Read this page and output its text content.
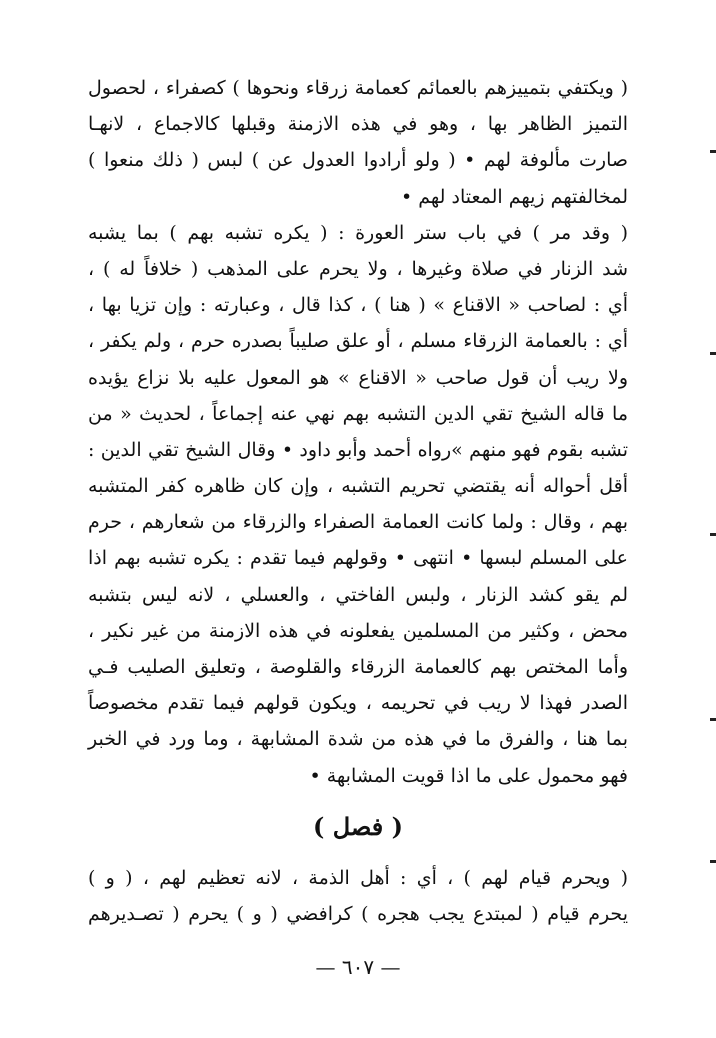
( ويكتفي بتمييزهم بالعمائم كعمامة زرقاء ونحوها ) كصفراء ، لحصول
التميز الظاهر بها ، وهو في هذه الازمنة وقبلها كالاجماع ، لانهـا
صارت مألوفة لهم • ( ولو أرادوا العدول عن ) لبس ( ذلك منعوا )
لمخالفتهم زيهم المعتاد لهم •
( وقد مر ) في باب ستر العورة : ( يكره تشبه بهم ) بما يشبه
شد الزنار في صلاة وغيرها ، ولا يحرم على المذهب ( خلافاً له ) ،
أي : لصاحب « الاقناع » ( هنا ) ، كذا قال ، وعبارته : وإن تزيا بها ،
أي : بالعمامة الزرقاء مسلم ، أو علق صليباً بصدره حرم ، ولم يكفر ،
ولا ريب أن قول صاحب « الاقناع » هو المعول عليه بلا نزاع يؤيده
ما قاله الشيخ تقي الدين التشبه بهم نهي عنه إجماعاً ، لحديث « من
تشبه بقوم فهو منهم »رواه أحمد وأبو داود • وقال الشيخ تقي الدين :
أقل أحواله أنه يقتضي تحريم التشبه ، وإن كان ظاهره كفر المتشبه
بهم ، وقال : ولما كانت العمامة الصفراء والزرقاء من شعارهم ، حرم
على المسلم لبسها • انتهى • وقولهم فيما تقدم : يكره تشبه بهم اذا
لم يقو كشد الزنار ، ولبس الفاختي ، والعسلي ، لانه ليس بتشبه
محض ، وكثير من المسلمين يفعلونه في هذه الازمنة من غير نكير ،
وأما المختص بهم كالعمامة الزرقاء والقلوصة ، وتعليق الصليب فـي
الصدر فهذا لا ريب في تحريمه ، ويكون قولهم فيما تقدم مخصوصاً
بما هنا ، والفرق ما في هذه من شدة المشابهة ، وما ورد في الخبر
فهو محمول على ما اذا قويت المشابهة •
( فصل )
( ويحرم قيام لهم ) ، أي : أهل الذمة ، لانه تعظيم لهم ، ( و )
يحرم قيام ( لمبتدع يجب هجره ) كرافضي ( و ) يحرم ( تصـديرهم
— ٦٠٧ —
